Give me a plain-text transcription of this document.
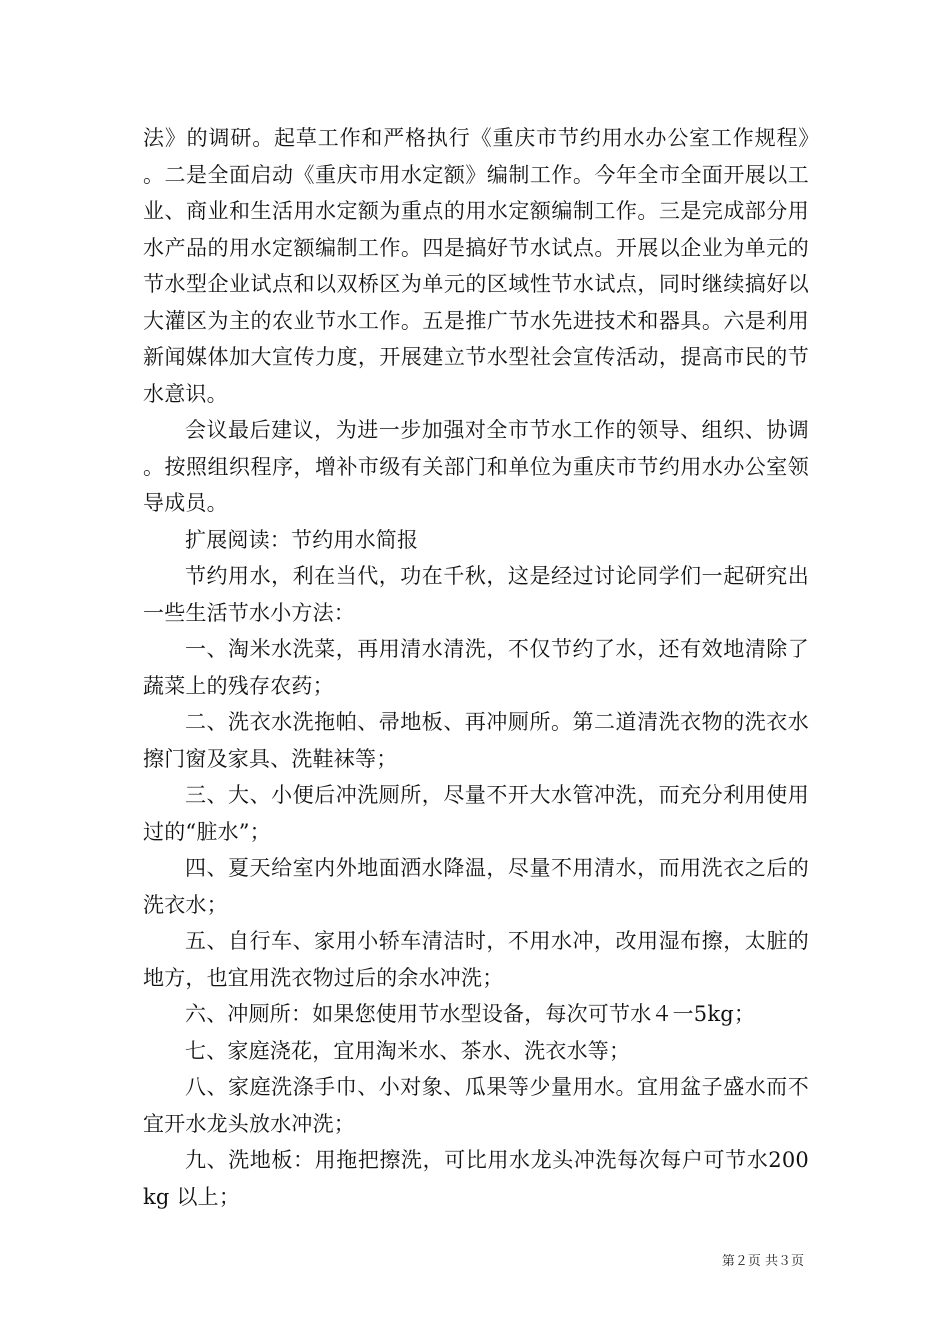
法》的调研。起草工作和严格执行《重庆市节约用水办公室工作规程》。二是全面启动《重庆市用水定额》编制工作。今年全市全面开展以工业、商业和生活用水定额为重点的用水定额编制工作。三是完成部分用水产品的用水定额编制工作。四是搞好节水试点。开展以企业为单元的节水型企业试点和以双桥区为单元的区域性节水试点，同时继续搞好以大灌区为主的农业节水工作。五是推广节水先进技术和器具。六是利用新闻媒体加大宣传力度，开展建立节水型社会宣传活动，提高市民的节水意识。

会议最后建议，为进一步加强对全市节水工作的领导、组织、协调。按照组织程序，增补市级有关部门和单位为重庆市节约用水办公室领导成员。

扩展阅读：节约用水简报

节约用水，利在当代，功在千秋，这是经过讨论同学们一起研究出一些生活节水小方法：

一、淘米水洗菜，再用清水清洗，不仅节约了水，还有效地清除了蔬菜上的残存农药；

二、洗衣水洗拖帕、帚地板、再冲厕所。第二道清洗衣物的洗衣水擦门窗及家具、洗鞋袜等；

三、大、小便后冲洗厕所，尽量不开大水管冲洗，而充分利用使用过的“脏水”；

四、夏天给室内外地面洒水降温，尽量不用清水，而用洗衣之后的洗衣水；

五、自行车、家用小轿车清洁时，不用水冲，改用湿布擦，太脏的地方，也宜用洗衣物过后的余水冲洗；

六、冲厕所：如果您使用节水型设备，每次可节水４一5kg；

七、家庭浇花，宜用淘米水、茶水、洗衣水等；

八、家庭洗涤手巾、小对象、瓜果等少量用水。宜用盆子盛水而不宜开水龙头放水冲洗；

九、洗地板：用拖把擦洗，可比用水龙头冲洗每次每户可节水200kg 以上；

第２页 共３页
